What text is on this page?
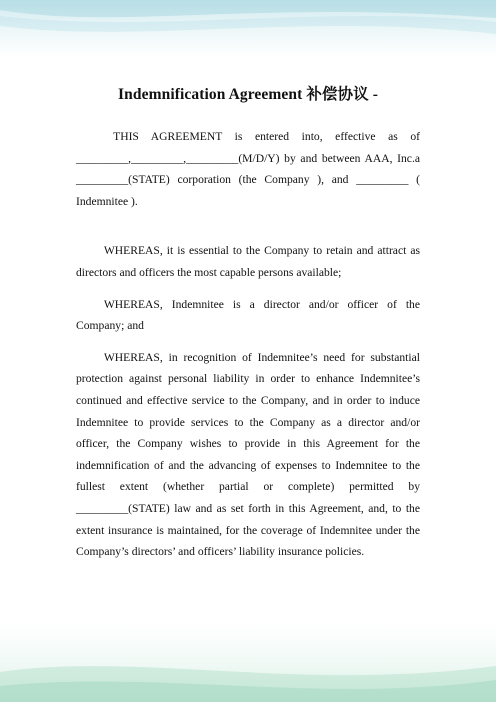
Indemnification Agreement 补偿协议 -

THIS AGREEMENT is entered into, effective as of _________,_________,_________(M/D/Y) by and between AAA, Inc.a _________(STATE) corporation (the Company ), and _________ ( Indemnitee ).

WHEREAS, it is essential to the Company to retain and attract as directors and officers the most capable persons available;

WHEREAS, Indemnitee is a director and/or officer of the Company; and

WHEREAS, in recognition of Indemnitee’s need for substantial protection against personal liability in order to enhance Indemnitee’s continued and effective service to the Company, and in order to induce Indemnitee to provide services to the Company as a director and/or officer, the Company wishes to provide in this Agreement for the indemnification of and the advancing of expenses to Indemnitee to the fullest extent (whether partial or complete) permitted by _________(STATE) law and as set forth in this Agreement, and, to the extent insurance is maintained, for the coverage of Indemnitee under the Company’s directors’ and officers’ liability insurance policies.
